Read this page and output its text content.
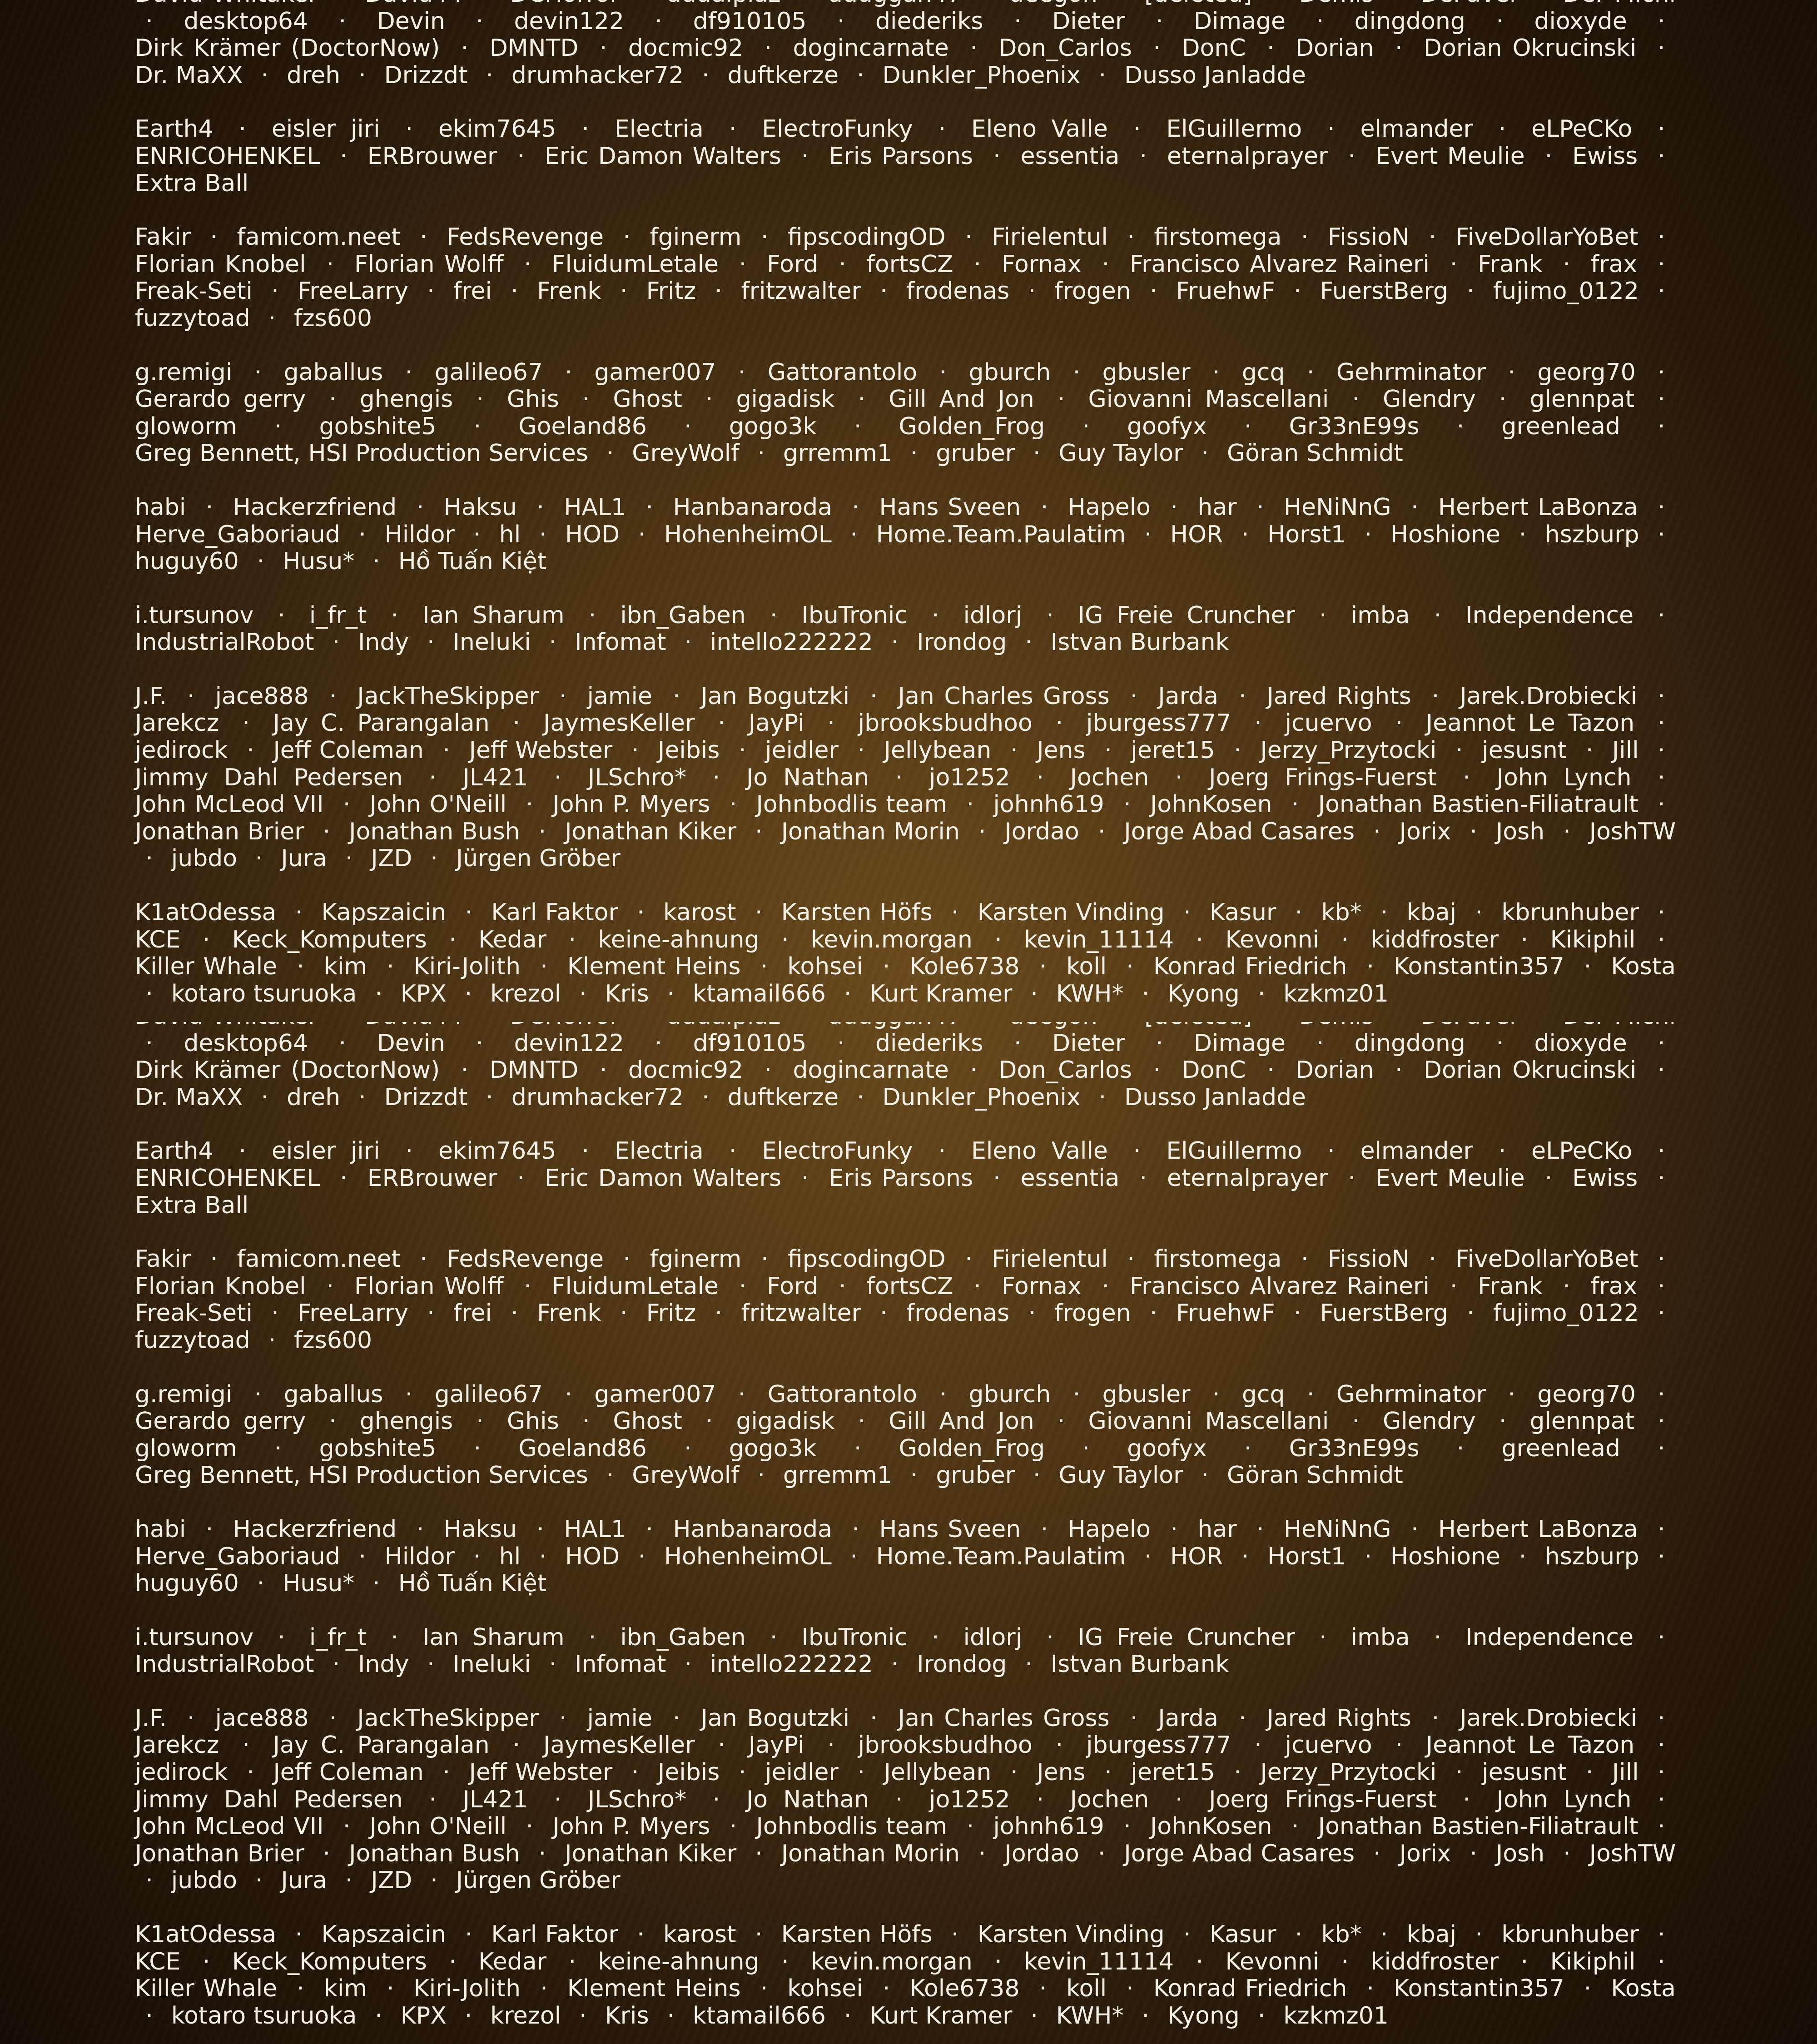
· desktop64 · Devin · devin122 · df910105 · diederiks · Dieter · Dimage · dingdong · dioxyde · Dirk Krämer (DoctorNow) · DMNTD · docmic92 · dogincarnate · Don_Carlos · DonC · Dorian · Dorian Okrucinski · Dr. MaXX · dreh · Drizzdt · drumhacker72 · duftkerze · Dunkler_Phoenix · Dusso Janladde
Earth4 · eisler jiri · ekim7645 · Electria · ElectroFunky · Eleno Valle · ElGuillermo · elmander · eLPeCKo · ENRICOHENKEL · ERBrouwer · Eric Damon Walters · Eris Parsons · essentia · eternalprayer · Evert Meulie · Ewiss · Extra Ball
Fakir · famicom.neet · FedsRevenge · fginerm · fipscodingOD · Firielentul · firstomega · FissioN · FiveDollarYoBet · Florian Knobel · Florian Wolff · FluidumLetale · Ford · fortsCZ · Fornax · Francisco Alvarez Raineri · Frank · frax · Freak-Seti · FreeLarry · frei · Frenk · Fritz · fritzwalter · frodenas · frogen · FruehwF · FuerstBerg · fujimo_0122 · fuzzytoad · fzs600
g.remigi · gaballus · galileo67 · gamer007 · Gattorantolo · gburch · gbusler · gcq · Gehrminator · georg70 · Gerardo gerry · ghengis · Ghis · Ghost · gigadisk · Gill And Jon · Giovanni Mascellani · Glendry · glennpat · gloworm · gobshite5 · Goeland86 · gogo3k · Golden_Frog · goofyx · Gr33nE99s · greenlead · Greg Bennett, HSI Production Services · GreyWolf · grremm1 · gruber · Guy Taylor · Göran Schmidt
habi · Hackerzfriend · Haksu · HAL1 · Hanbanaroda · Hans Sveen · Hapelo · har · HeNiNnG · Herbert LaBonza · Herve_Gaboriaud · Hildor · hl · HOD · HohenheimOL · Home.Team.Paulatim · HOR · Horst1 · Hoshione · hszburp · huguy60 · Husu* · Hồ Tuấn Kiệt
i.tursunov · i_fr_t · Ian Sharum · ibn_Gaben · IbuTronic · idlorj · IG Freie Cruncher · imba · Independence · IndustrialRobot · Indy · Ineluki · Infomat · intello222222 · Irondog · Istvan Burbank
J.F. · jace888 · JackTheSkipper · jamie · Jan Bogutzki · Jan Charles Gross · Jarda · Jared Rights · Jarek.Drobiecki · Jarekcz · Jay C. Parangalan · JaymesKeller · JayPi · jbrooksbudhoo · jburgess777 · jcuervo · Jeannot Le Tazon · jedirock · Jeff Coleman · Jeff Webster · Jeibis · jeidler · Jellybean · Jens · jeret15 · Jerzy_Przytocki · jesusnt · Jill · Jimmy Dahl Pedersen · JL421 · JLSchro* · Jo Nathan · jo1252 · Jochen · Joerg Frings-Fuerst · John Lynch · John McLeod VII · John O'Neill · John P. Myers · Johnbodlis team · johnh619 · JohnKosen · Jonathan Bastien-Filiatrault · Jonathan Brier · Jonathan Bush · Jonathan Kiker · Jonathan Morin · Jordao · Jorge Abad Casares · Jorix · Josh · JoshTW · jubdo · Jura · JZD · Jürgen Gröber
K1atOdessa · Kapszaicin · Karl Faktor · karost · Karsten Höfs · Karsten Vinding · Kasur · kb* · kbaj · kbrunhuber · KCE · Keck_Komputers · Kedar · keine-ahnung · kevin.morgan · kevin_11114 · Kevonni · kiddfroster · Kikiphil · Killer Whale · kim · Kiri-Jolith · Klement Heins · kohsei · Kole6738 · koll · Konrad Friedrich · Konstantin357 · Kosta · kotaro tsuruoka · KPX · krezol · Kris · ktamail666 · Kurt Kramer · KWH* · Kyong · kzkmz01
· desktop64 · Devin · devin122 · df910105 · diederiks · Dieter · Dimage · dingdong · dioxyde · Dirk Krämer (DoctorNow) · DMNTD · docmic92 · dogincarnate · Don_Carlos · DonC · Dorian · Dorian Okrucinski · Dr. MaXX · dreh · Drizzdt · drumhacker72 · duftkerze · Dunkler_Phoenix · Dusso Janladde
Earth4 · eisler jiri · ekim7645 · Electria · ElectroFunky · Eleno Valle · ElGuillermo · elmander · eLPeCKo · ENRICOHENKEL · ERBrouwer · Eric Damon Walters · Eris Parsons · essentia · eternalprayer · Evert Meulie · Ewiss · Extra Ball
Fakir · famicom.neet · FedsRevenge · fginerm · fipscodingOD · Firielentul · firstomega · FissioN · FiveDollarYoBet · Florian Knobel · Florian Wolff · FluidumLetale · Ford · fortsCZ · Fornax · Francisco Alvarez Raineri · Frank · frax · Freak-Seti · FreeLarry · frei · Frenk · Fritz · fritzwalter · frodenas · frogen · FruehwF · FuerstBerg · fujimo_0122 · fuzzytoad · fzs600
g.remigi · gaballus · galileo67 · gamer007 · Gattorantolo · gburch · gbusler · gcq · Gehrminator · georg70 · Gerardo gerry · ghengis · Ghis · Ghost · gigadisk · Gill And Jon · Giovanni Mascellani · Glendry · glennpat · gloworm · gobshite5 · Goeland86 · gogo3k · Golden_Frog · goofyx · Gr33nE99s · greenlead · Greg Bennett, HSI Production Services · GreyWolf · grremm1 · gruber · Guy Taylor · Göran Schmidt
habi · Hackerzfriend · Haksu · HAL1 · Hanbanaroda · Hans Sveen · Hapelo · har · HeNiNnG · Herbert LaBonza · Herve_Gaboriaud · Hildor · hl · HOD · HohenheimOL · Home.Team.Paulatim · HOR · Horst1 · Hoshione · hszburp · huguy60 · Husu* · Hồ Tuấn Kiệt
i.tursunov · i_fr_t · Ian Sharum · ibn_Gaben · IbuTronic · idlorj · IG Freie Cruncher · imba · Independence · IndustrialRobot · Indy · Ineluki · Infomat · intello222222 · Irondog · Istvan Burbank
J.F. · jace888 · JackTheSkipper · jamie · Jan Bogutzki · Jan Charles Gross · Jarda · Jared Rights · Jarek.Drobiecki · Jarekcz · Jay C. Parangalan · JaymesKeller · JayPi · jbrooksbudhoo · jburgess777 · jcuervo · Jeannot Le Tazon · jedirock · Jeff Coleman · Jeff Webster · Jeibis · jeidler · Jellybean · Jens · jeret15 · Jerzy_Przytocki · jesusnt · Jill · Jimmy Dahl Pedersen · JL421 · JLSchro* · Jo Nathan · jo1252 · Jochen · Joerg Frings-Fuerst · John Lynch · John McLeod VII · John O'Neill · John P. Myers · Johnbodlis team · johnh619 · JohnKosen · Jonathan Bastien-Filiatrault · Jonathan Brier · Jonathan Bush · Jonathan Kiker · Jonathan Morin · Jordao · Jorge Abad Casares · Jorix · Josh · JoshTW · jubdo · Jura · JZD · Jürgen Gröber
K1atOdessa · Kapszaicin · Karl Faktor · karost · Karsten Höfs · Karsten Vinding · Kasur · kb* · kbaj · kbrunhuber · KCE · Keck_Komputers · Kedar · keine-ahnung · kevin.morgan · kevin_11114 · Kevonni · kiddfroster · Kikiphil · Killer Whale · kim · Kiri-Jolith · Klement Heins · kohsei · Kole6738 · koll · Konrad Friedrich · Konstantin357 · Kosta · kotaro tsuruoka · KPX · krezol · Kris · ktamail666 · Kurt Kramer · KWH* · Kyong · kzkmz01
